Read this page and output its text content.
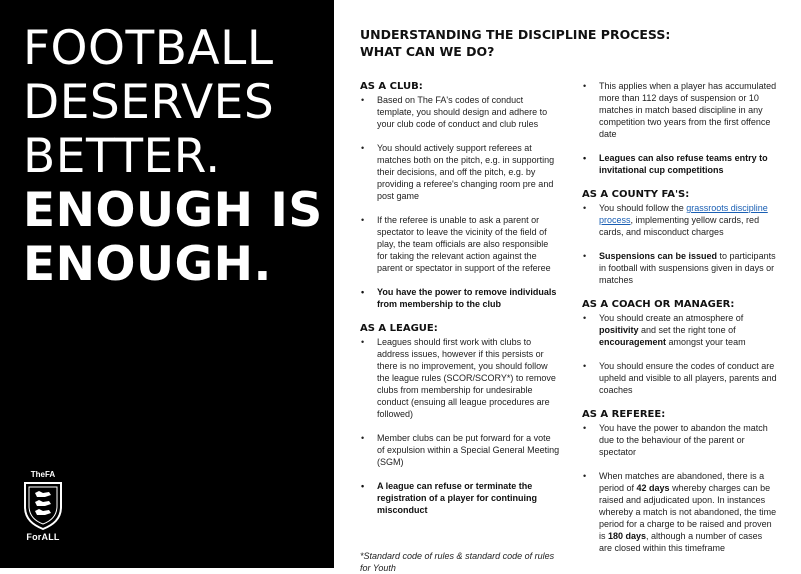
FOOTBALL
DESERVES
BETTER.
ENOUGH IS
ENOUGH.
TheFA
ForALL
UNDERSTANDING THE DISCIPLINE PROCESS:
WHAT CAN WE DO?
AS A CLUB:

• Based on The FA's codes of conduct template, you should design and adhere to your club code of conduct and club rules

• You should actively support referees at matches both on the pitch, e.g. in supporting their decisions, and off the pitch, e.g. by providing a referee's changing room pre and post game

• If the referee is unable to ask a parent or spectator to leave the vicinity of the field of play, the team officials are also responsible for taking the relevant action against the parent or spectator in support of the referee

• You have the power to remove individuals from membership to the club

AS A LEAGUE:

• Leagues should first work with clubs to address issues, however if this persists or there is no improvement, you should follow the league rules (SCOR/SCORY*) to remove clubs from membership for undesirable conduct (ensuing all league procedures are followed)

• Member clubs can be put forward for a vote of expulsion within a Special General Meeting (SGM)

• A league can refuse or terminate the registration of a player for continuing misconduct

*Standard code of rules & standard code of rules for Youth

• This applies when a player has accumulated more than 112 days of suspension or 10 matches in match based discipline in any competition two years from the first offence date

• Leagues can also refuse teams entry to invitational cup competitions

AS A COUNTY FA'S:

• You should follow the grassroots discipline process, implementing yellow cards, red cards, and misconduct charges

• Suspensions can be issued to participants in football with suspensions given in days or matches

AS A COACH OR MANAGER:

• You should create an atmosphere of positivity and set the right tone of encouragement amongst your team

• You should ensure the codes of conduct are upheld and visible to all players, parents and coaches

AS A REFEREE:

• You have the power to abandon the match due to the behaviour of the parent or spectator

• When matches are abandoned, there is a period of 42 days whereby charges can be raised and adjudicated upon. In instances whereby a match is not abandoned, the time period for a charge to be raised and proven is 180 days, although a number of cases are closed within this timeframe
